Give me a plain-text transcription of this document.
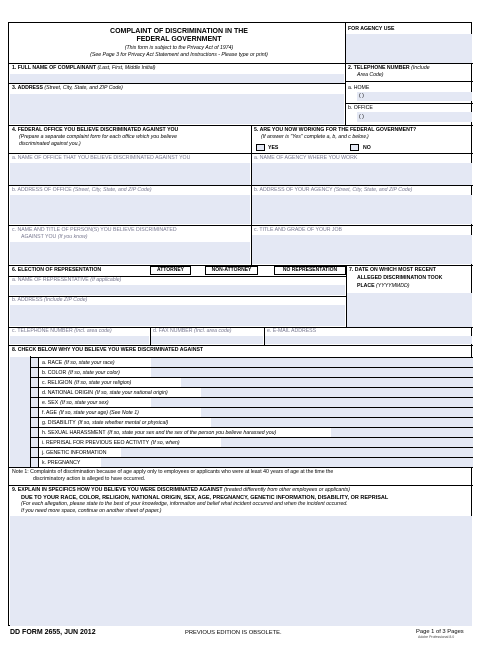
COMPLAINT OF DISCRIMINATION IN THE
FEDERAL GOVERNMENT
(This form is subject to the Privacy Act of 1974)
(See Page 3 for Privacy Act Statement and Instructions - Please type or print)
FOR AGENCY USE
1. FULL NAME OF COMPLAINANT (Last, First, Middle Initial)	2. TELEPHONE NUMBER (Include
Area Code)
a. HOME
( )
b. OFFICE
( )
3. ADDRESS (Street, City, State, and ZIP Code)
4. FEDERAL OFFICE YOU BELIEVE DISCRIMINATED AGAINST YOU
(Prepare a separate complaint form for each office which you believe
discriminated against you.)
5. ARE YOU NOW WORKING FOR THE FEDERAL GOVERNMENT?
(If answer is "Yes" complete a, b, and c below.)
YES	NO
a. NAME OF OFFICE THAT YOU BELIEVE DISCRIMINATED AGAINST YOU	a. NAME OF AGENCY WHERE YOU WORK
b. ADDRESS OF OFFICE (Street, City, State, and ZIP Code)	b. ADDRESS OF YOUR AGENCY (Street, City, State, and ZIP Code)
c. NAME AND TITLE OF PERSON(S) YOU BELIEVE DISCRIMINATED
AGAINST YOU (If you know)
c. TITLE AND GRADE OF YOUR JOB
6. ELECTION OF REPRESENTATION	ATTORNEY	NON-ATTORNEY	NO REPRESENTATION	7. DATE ON WHICH MOST RECENT
ALLEGED DISCRIMINATION TOOK
PLACE (YYYYMMDD)
a. NAME OF REPRESENTATIVE (If applicable)
b. ADDRESS (Include ZIP Code)
c. TELEPHONE NUMBER (Incl. area code)	d. FAX NUMBER (Incl. area code)	e. E-MAIL ADDRESS
8. CHECK BELOW WHY YOU BELIEVE YOU WERE DISCRIMINATED AGAINST
a. RACE (If so, state your race)
b. COLOR (If so, state your color)
c. RELIGION (If so, state your religion)
d. NATIONAL ORIGIN (If so, state your national origin)
e. SEX (If so, state your sex)
f. AGE (If so, state your age) (See Note 1)
g. DISABILITY (If so, state whether mental or physical)
h. SEXUAL HARASSMENT (If so, state your sex and the sex of the person you believe harassed you)
i. REPRISAL FOR PREVIOUS EEO ACTIVITY (If so, when)
j. GENETIC INFORMATION
k. PREGNANCY
Note 1: Complaints of discrimination because of age apply only to employees or applicants who were at least 40 years of age at the time the
discriminatory action is alleged to have occurred.
9. EXPLAIN IN SPECIFICS HOW YOU BELIEVE YOU WERE DISCRIMINATED AGAINST (treated differently from other employees or applicants)
DUE TO YOUR RACE, COLOR, RELIGION, NATIONAL ORIGIN, SEX, AGE, PREGNANCY, GENETIC INFORMATION, DISABILITY, OR REPRISAL
(For each allegation, please state to the best of your knowledge, information and belief what incident occurred and when the incident occurred.
If you need more space, continue on another sheet of paper.)
DD FORM 2655, JUN 2012	PREVIOUS EDITION IS OBSOLETE.	Page 1 of 3 Pages
Adobe Professional 8.0
